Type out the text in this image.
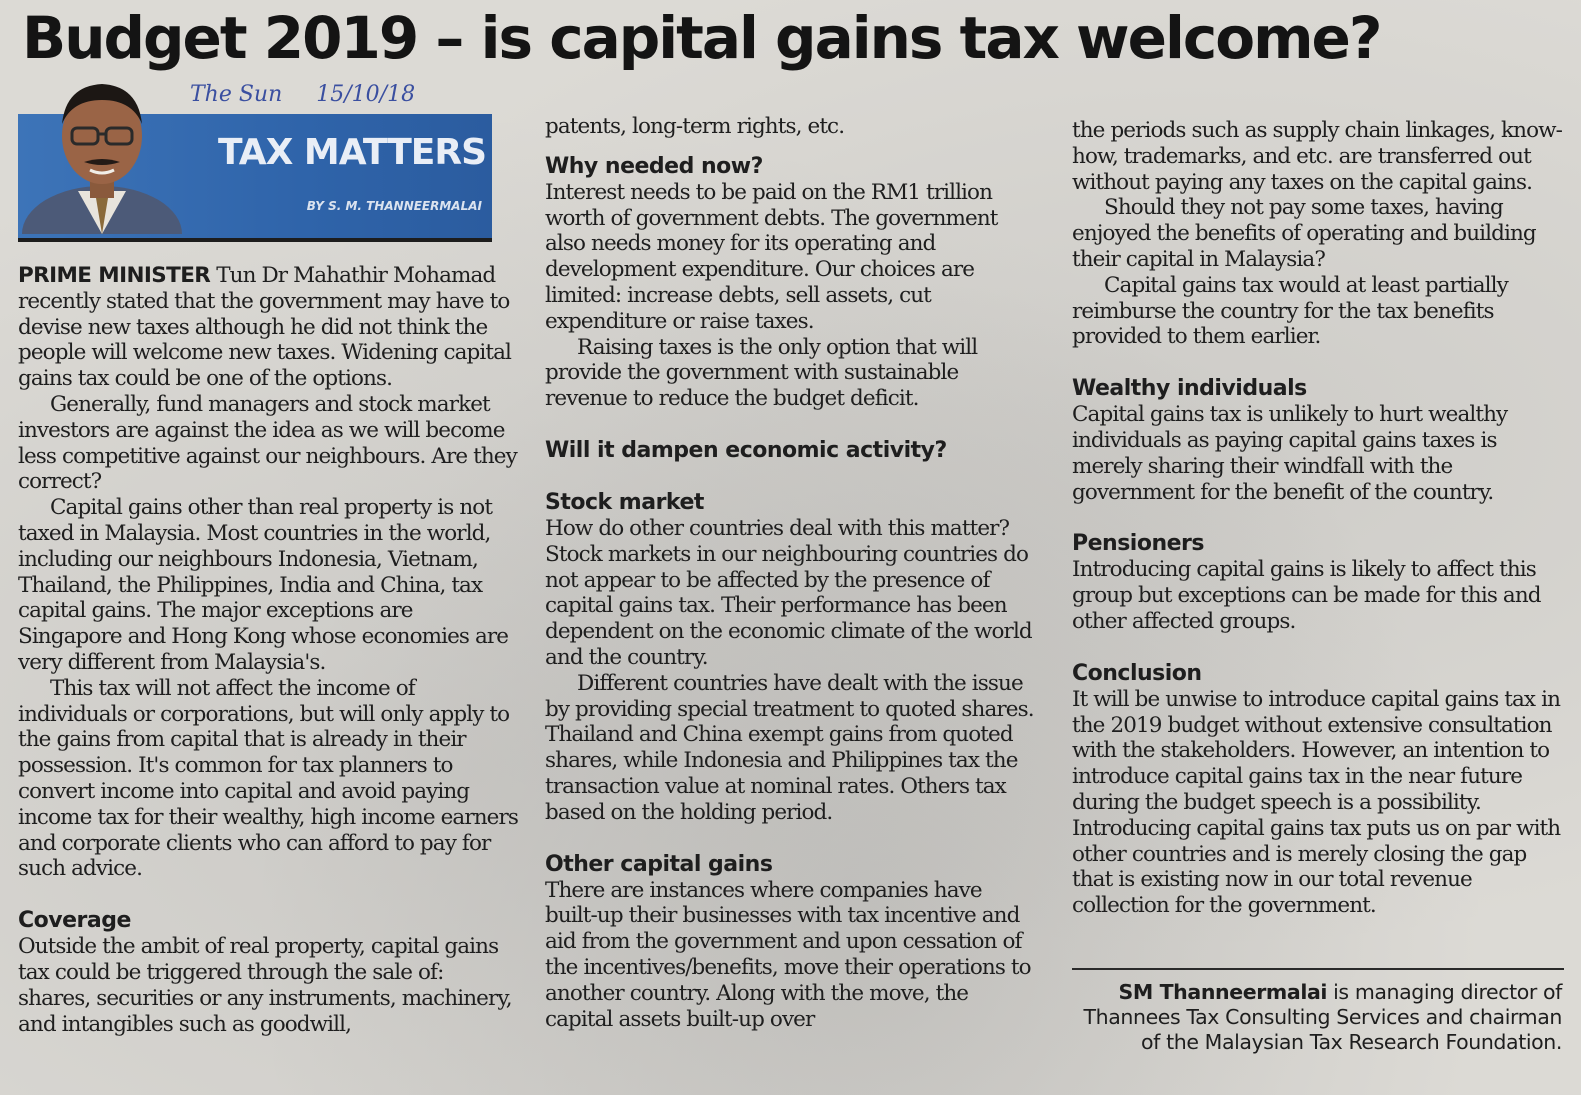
Budget 2019 – is capital gains tax welcome?
TAX MATTERS
BY S. M. THANNEERMALAI
The Sun 15/10/18

PRIME MINISTER Tun Dr Mahathir Mohamad recently stated that the government may have to devise new taxes although he did not think the people will welcome new taxes. Widening capital gains tax could be one of the options.

Generally, fund managers and stock market investors are against the idea as we will become less competitive against our neighbours. Are they correct?

Capital gains other than real property is not taxed in Malaysia. Most countries in the world, including our neighbours Indonesia, Vietnam, Thailand, the Philippines, India and China, tax capital gains. The major exceptions are Singapore and Hong Kong whose economies are very different from Malaysia's.

This tax will not affect the income of individuals or corporations, but will only apply to the gains from capital that is already in their possession. It's common for tax planners to convert income into capital and avoid paying income tax for their wealthy, high income earners and corporate clients who can afford to pay for such advice.

Coverage

Outside the ambit of real property, capital gains tax could be triggered through the sale of: shares, securities or any instruments, machinery, and intangibles such as goodwill,

patents, long-term rights, etc.

Why needed now?

Interest needs to be paid on the RM1 trillion worth of government debts. The government also needs money for its operating and development expenditure. Our choices are limited: increase debts, sell assets, cut expenditure or raise taxes.

Raising taxes is the only option that will provide the government with sustainable revenue to reduce the budget deficit.

Will it dampen economic activity?
Stock market

How do other countries deal with this matter? Stock markets in our neighbouring countries do not appear to be affected by the presence of capital gains tax. Their performance has been dependent on the economic climate of the world and the country.

Different countries have dealt with the issue by providing special treatment to quoted shares. Thailand and China exempt gains from quoted shares, while Indonesia and Philippines tax the transaction value at nominal rates. Others tax based on the holding period.

Other capital gains

There are instances where companies have built-up their businesses with tax incentive and aid from the government and upon cessation of the incentives/benefits, move their operations to another country. Along with the move, the capital assets built-up over

the periods such as supply chain linkages, know-how, trademarks, and etc. are transferred out without paying any taxes on the capital gains.

Should they not pay some taxes, having enjoyed the benefits of operating and building their capital in Malaysia?

Capital gains tax would at least partially reimburse the country for the tax benefits provided to them earlier.

Wealthy individuals

Capital gains tax is unlikely to hurt wealthy individuals as paying capital gains taxes is merely sharing their windfall with the government for the benefit of the country.

Pensioners

Introducing capital gains is likely to affect this group but exceptions can be made for this and other affected groups.

Conclusion

It will be unwise to introduce capital gains tax in the 2019 budget without extensive consultation with the stakeholders. However, an intention to introduce capital gains tax in the near future during the budget speech is a possibility. Introducing capital gains tax puts us on par with other countries and is merely closing the gap that is existing now in our total revenue collection for the government.

SM Thanneermalai is managing director of Thannees Tax Consulting Services and chairman of the Malaysian Tax Research Foundation.
